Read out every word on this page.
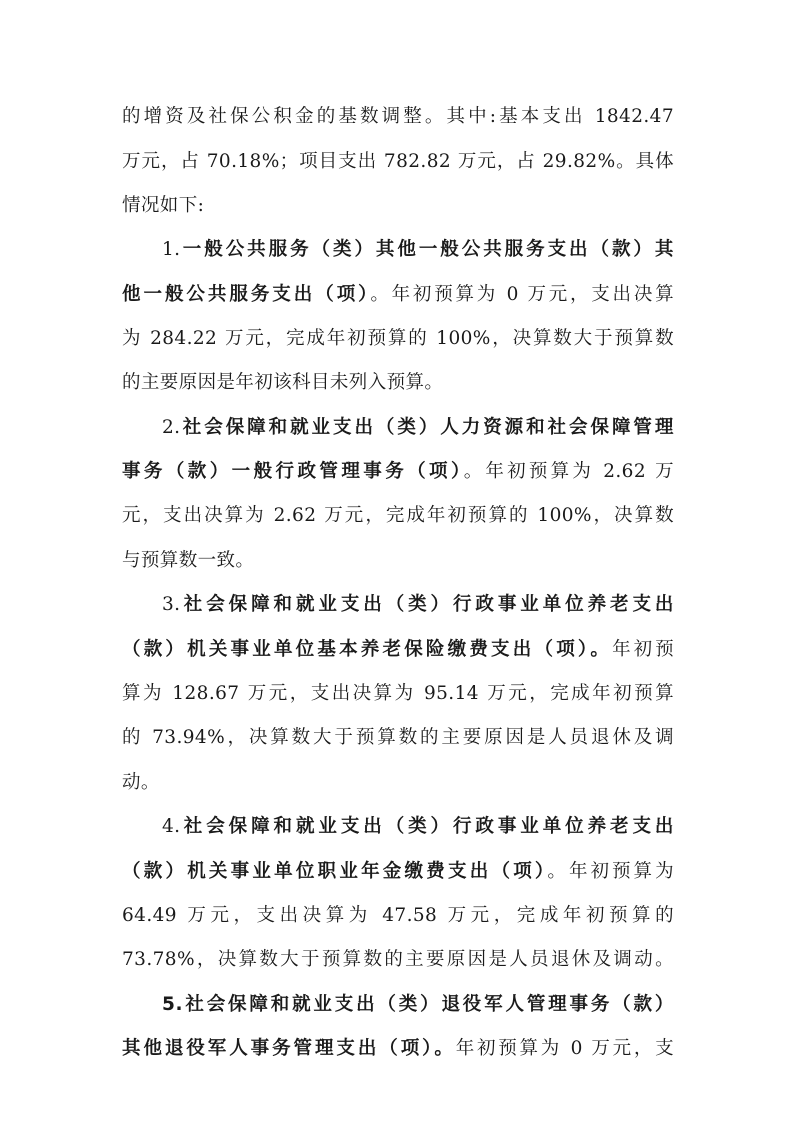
的增资及社保公积金的基数调整。其中:基本支出 1842.47
万元，占 70.18%；项目支出 782.82 万元，占 29.82%。具体
情况如下:
1.一般公共服务（类）其他一般公共服务支出（款）其
他一般公共服务支出（项）。年初预算为 0 万元，支出决算
为 284.22 万元，完成年初预算的 100%，决算数大于预算数
的主要原因是年初该科目未列入预算。
2.社会保障和就业支出（类）人力资源和社会保障管理
事务（款）一般行政管理事务（项）。年初预算为 2.62 万
元，支出决算为 2.62 万元，完成年初预算的 100%，决算数
与预算数一致。
3.社会保障和就业支出（类）行政事业单位养老支出
（款）机关事业单位基本养老保险缴费支出（项）。年初预
算为 128.67 万元，支出决算为 95.14 万元，完成年初预算
的 73.94%，决算数大于预算数的主要原因是人员退休及调
动。
4.社会保障和就业支出（类）行政事业单位养老支出
（款）机关事业单位职业年金缴费支出（项）。年初预算为
64.49 万元，支出决算为 47.58 万元，完成年初预算的
73.78%，决算数大于预算数的主要原因是人员退休及调动。
5.社会保障和就业支出（类）退役军人管理事务（款）
其他退役军人事务管理支出（项）。年初预算为 0 万元，支
